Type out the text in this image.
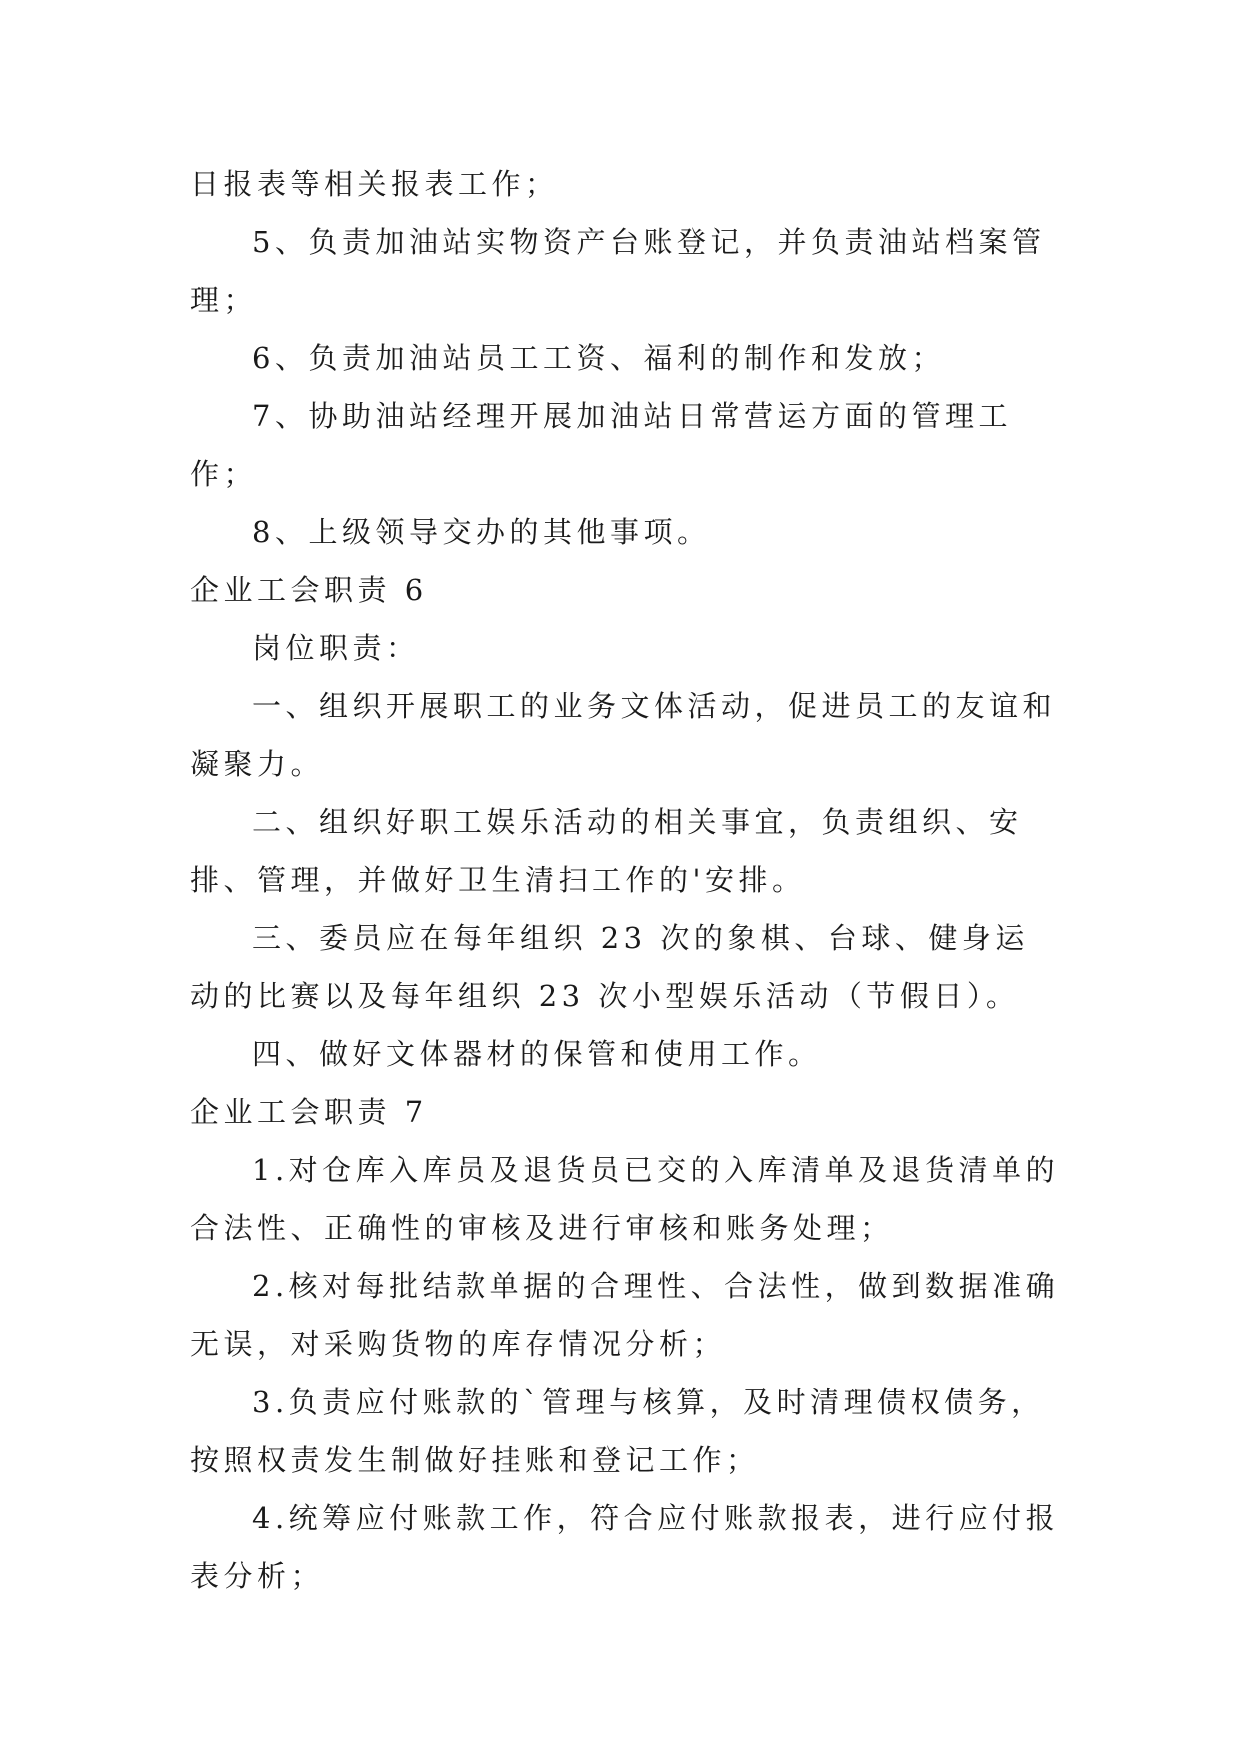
日报表等相关报表工作；

5、负责加油站实物资产台账登记，并负责油站档案管理；

6、负责加油站员工工资、福利的制作和发放；

7、协助油站经理开展加油站日常营运方面的管理工作；

8、上级领导交办的其他事项。

企业工会职责 6

岗位职责：

一、组织开展职工的业务文体活动，促进员工的友谊和凝聚力。

二、组织好职工娱乐活动的相关事宜，负责组织、安排、管理，并做好卫生清扫工作的'安排。

三、委员应在每年组织 23 次的象棋、台球、健身运动的比赛以及每年组织 23 次小型娱乐活动（节假日）。

四、做好文体器材的保管和使用工作。

企业工会职责 7

1.对仓库入库员及退货员已交的入库清单及退货清单的合法性、正确性的审核及进行审核和账务处理；

2.核对每批结款单据的合理性、合法性，做到数据准确无误，对采购货物的库存情况分析；

3.负责应付账款的`管理与核算，及时清理债权债务，按照权责发生制做好挂账和登记工作；

4.统筹应付账款工作，符合应付账款报表，进行应付报表分析；
